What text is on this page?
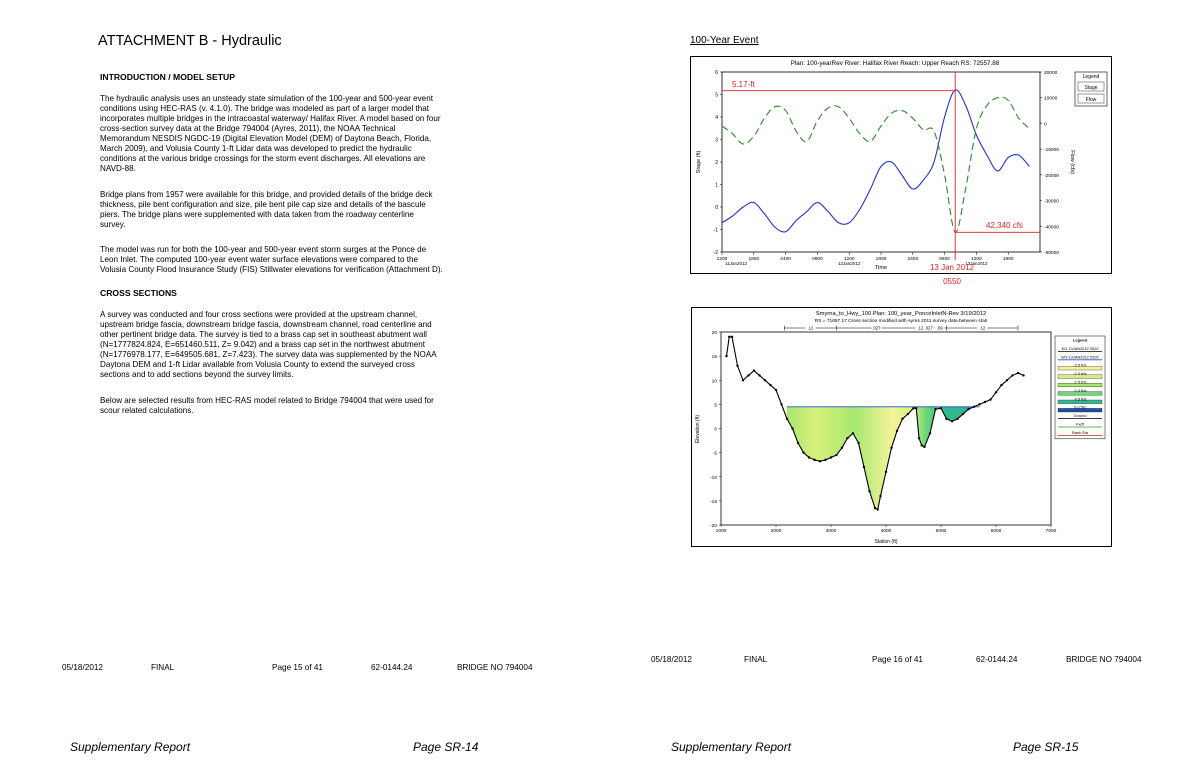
ATTACHMENT B - Hydraulic
INTRODUCTION / MODEL SETUP
The hydraulic analysis uses an unsteady state simulation of the 100-year and 500-year event
conditions using HEC-RAS (v. 4.1.0). The bridge was modeled as part of a larger model that
incorporates multiple bridges in the intracoastal waterway/ Halifax River. A model based on four
cross-section survey data at the Bridge 794004 (Ayres, 2011), the NOAA Technical
Memorandum NESDIS NGDC-19 (Digital Elevation Model (DEM) of Daytona Beach, Florida,
March 2009), and Volusia County 1-ft Lidar data was developed to predict the hydraulic
conditions at the various bridge crossings for the storm event discharges. All elevations are
NAVD-88.
Bridge plans from 1957 were available for this bridge, and provided details of the bridge deck
thickness, pile bent configuration and size, pile bent pile cap size and details of the bascule
piers. The bridge plans were supplemented with data taken from the roadway centerline
survey.
The model was run for both the 100-year and 500-year event storm surges at the Ponce de
Leon Inlet. The computed 100-year event water surface elevations were compared to the
Volusia County Flood Insurance Study (FIS) Stillwater elevations for verification (Attachment D).
CROSS SECTIONS
A survey was conducted and four cross sections were provided at the upstream channel,
upstream bridge fascia, downstream bridge fascia, downstream channel, road centerline and
other pertinent bridge data. The survey is tied to a brass cap set in southeast abutment wall
(N=1777824.824, E=651460.511, Z= 9.042) and a brass cap set in the northwest abutment
(N=1776978.177, E=649505.681, Z=7.423). The survey data was supplemented by the NOAA
Daytona DEM and 1-ft Lidar available from Volusia County to extend the surveyed cross
sections and to add sections beyond the survey limits.
Below are selected results from HEC-RAS model related to Bridge 794004 that were used for
scour related calculations.
05/18/2012	FINAL	Page 15 of 41	62-0144.24	BRIDGE NO 794004
Supplementary Report	Page SR-14
100-Year Event
Plan: 100-yearRev River: Halifax River Reach: Upper Reach RS: 72557.88
6
5
4
3
2
1
0
-1
-2
20000
10000
0
-10000
-20000
-30000
-40000
-50000
1200
11Jan2012
1800	2400	0600	1200
12Jan2012
1800	2400	0600	1200
13Jan2012
1800
Stage (ft)	Flow (cfs)
Time
Legend
Stage
Flow
5.17-ft
42,340 cfs
13 Jan 2012
0550
Smyrna_to_Hwy_100 Plan: 100_year_PonceInletN-Rev 3/19/2012
RS = 71657.17 Cross section modified with Ayres 2011 survey data between stati
.12	.027	.12 .027 .09	.12
20
15
10
5
0
-5
-10
-15
-20
1000	2000	3000	4000	5000	6000	7000
Elevation (ft)
Station (ft)
Legend
EG 13JAN2012 0520
WS 13JAN2012 0520
-2.5 ft/s
-2.0 ft/s
-1.5 ft/s
-1.0 ft/s
-0.5 ft/s
0.0 ft/s
Ground
Ineff
Bank Sta
05/18/2012	FINAL	Page 16 of 41	62-0144.24	BRIDGE NO 794004
Supplementary Report	Page SR-15
